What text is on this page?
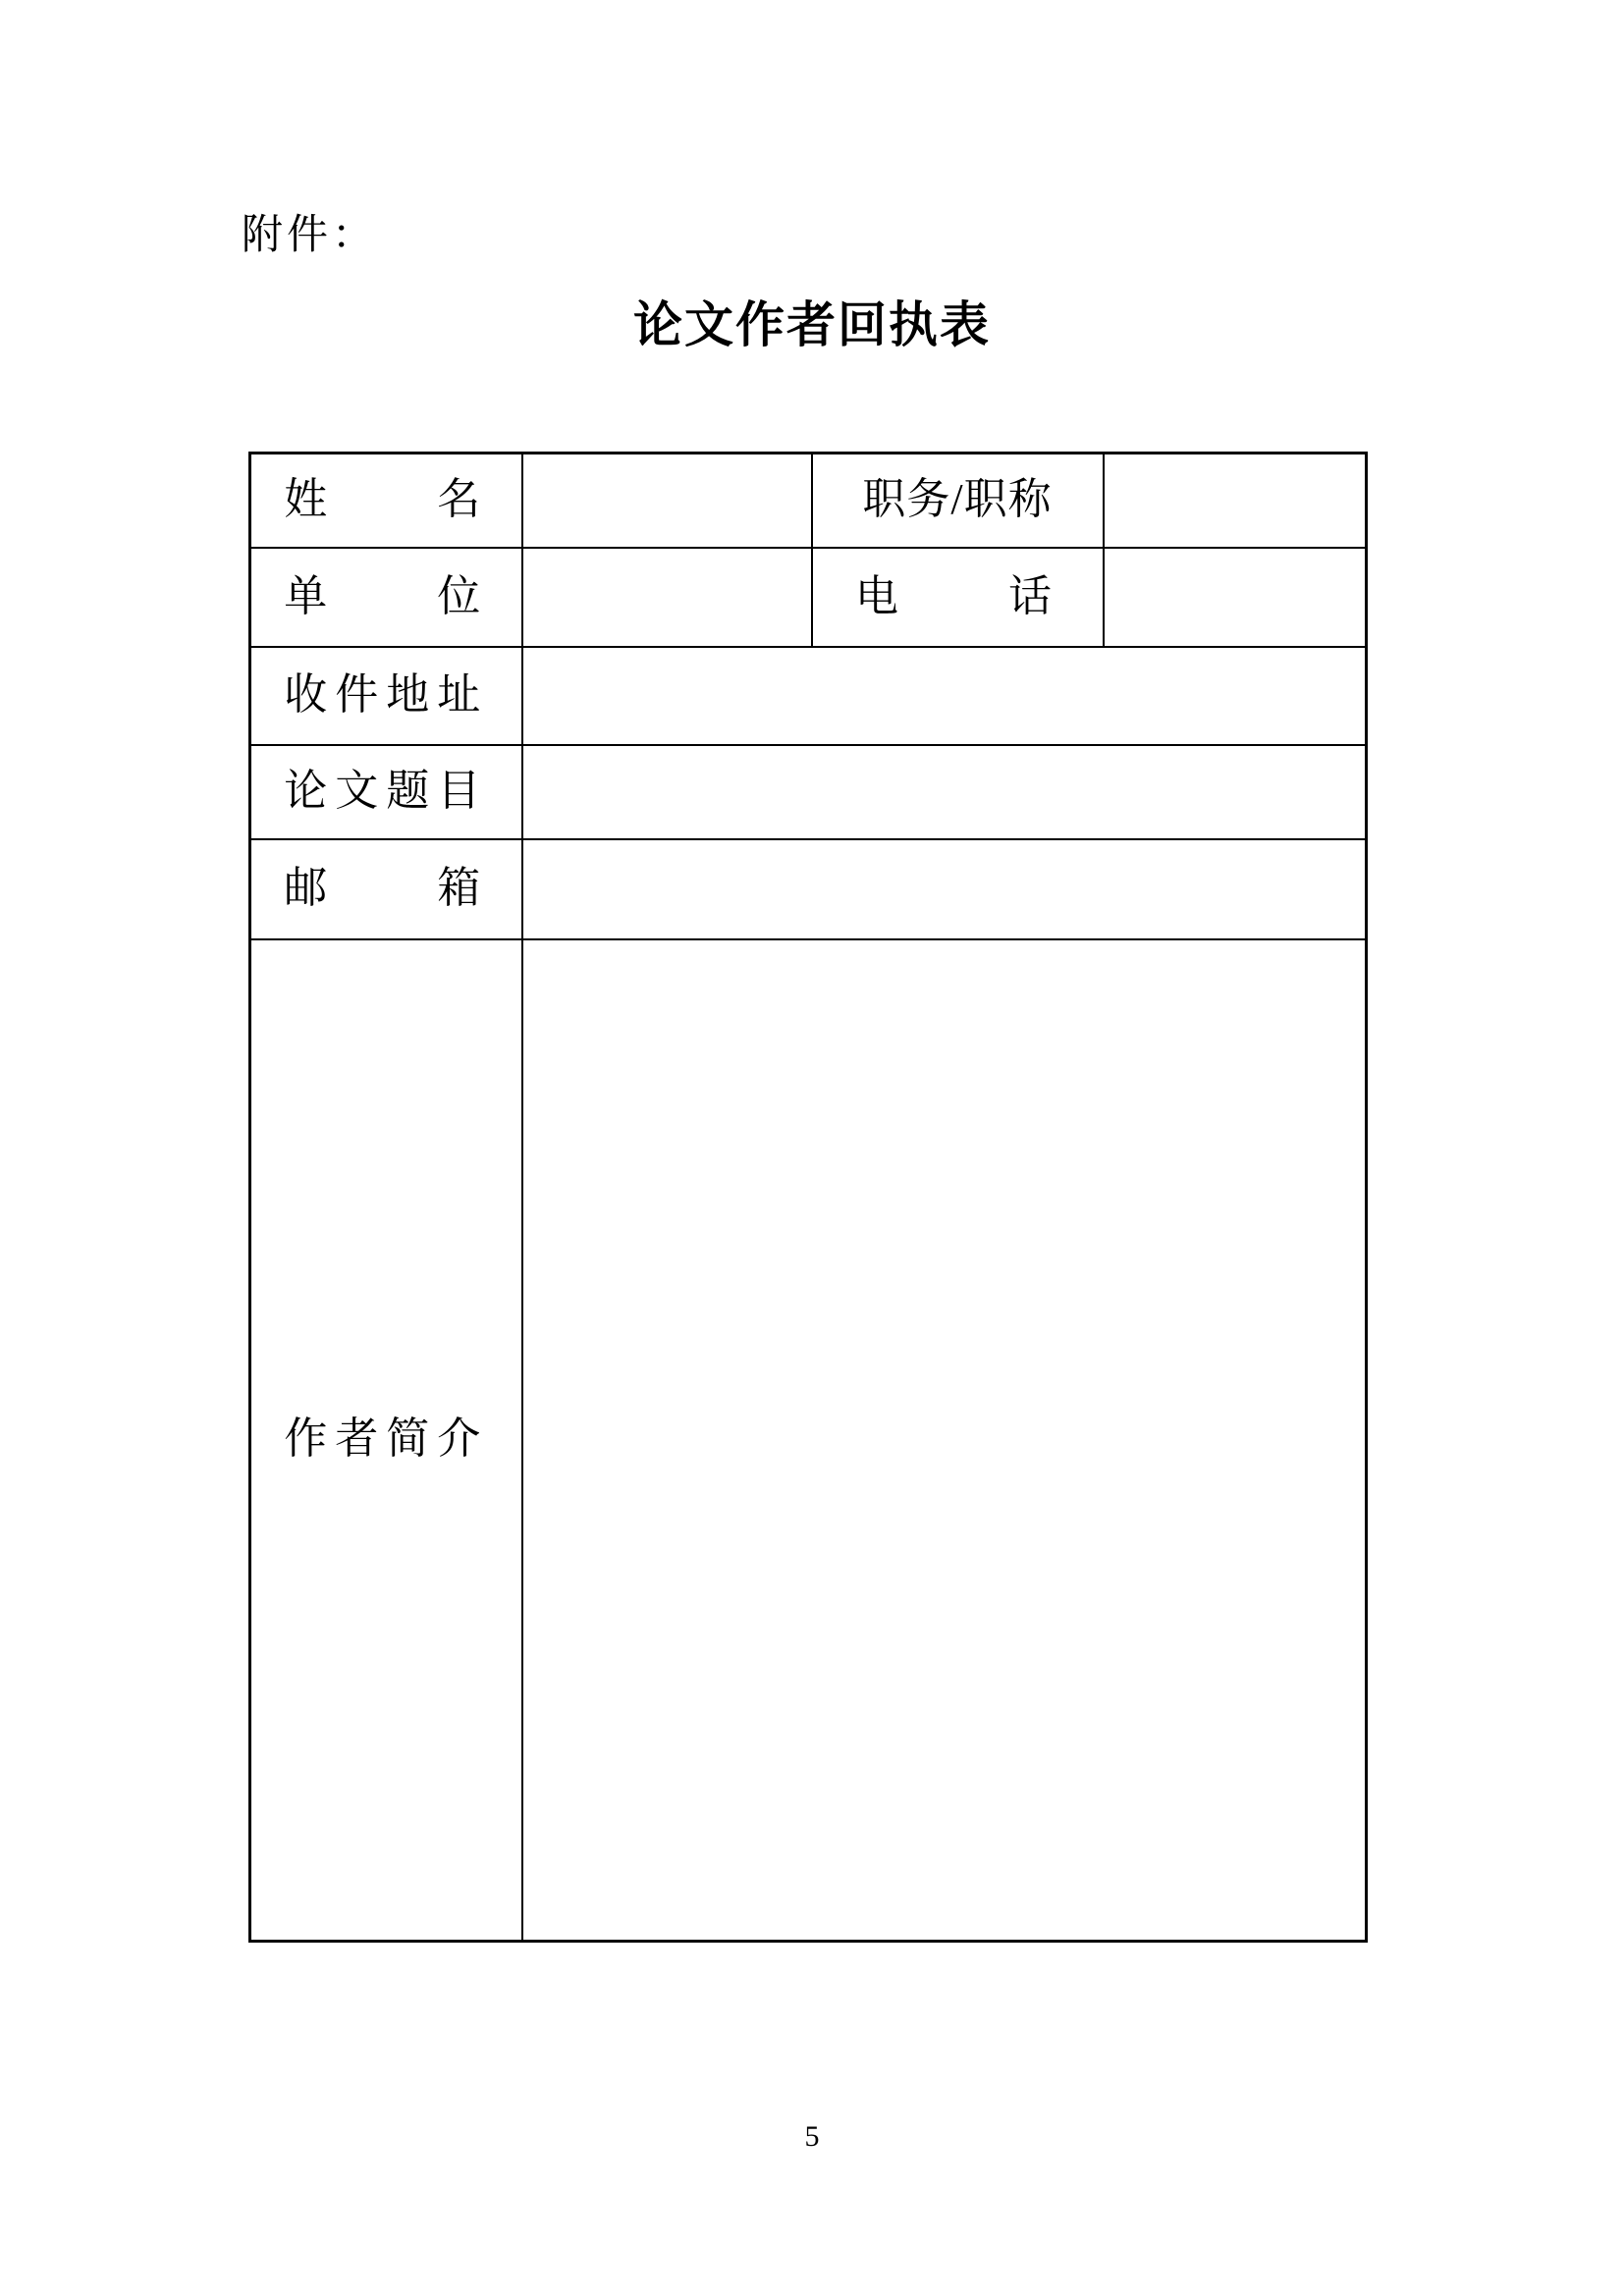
附件：
论文作者回执表
姓　　名		职务/职称	
单　　位		电　　话	
收件地址			
论文题目			
邮　　箱			
作者简介			
5
